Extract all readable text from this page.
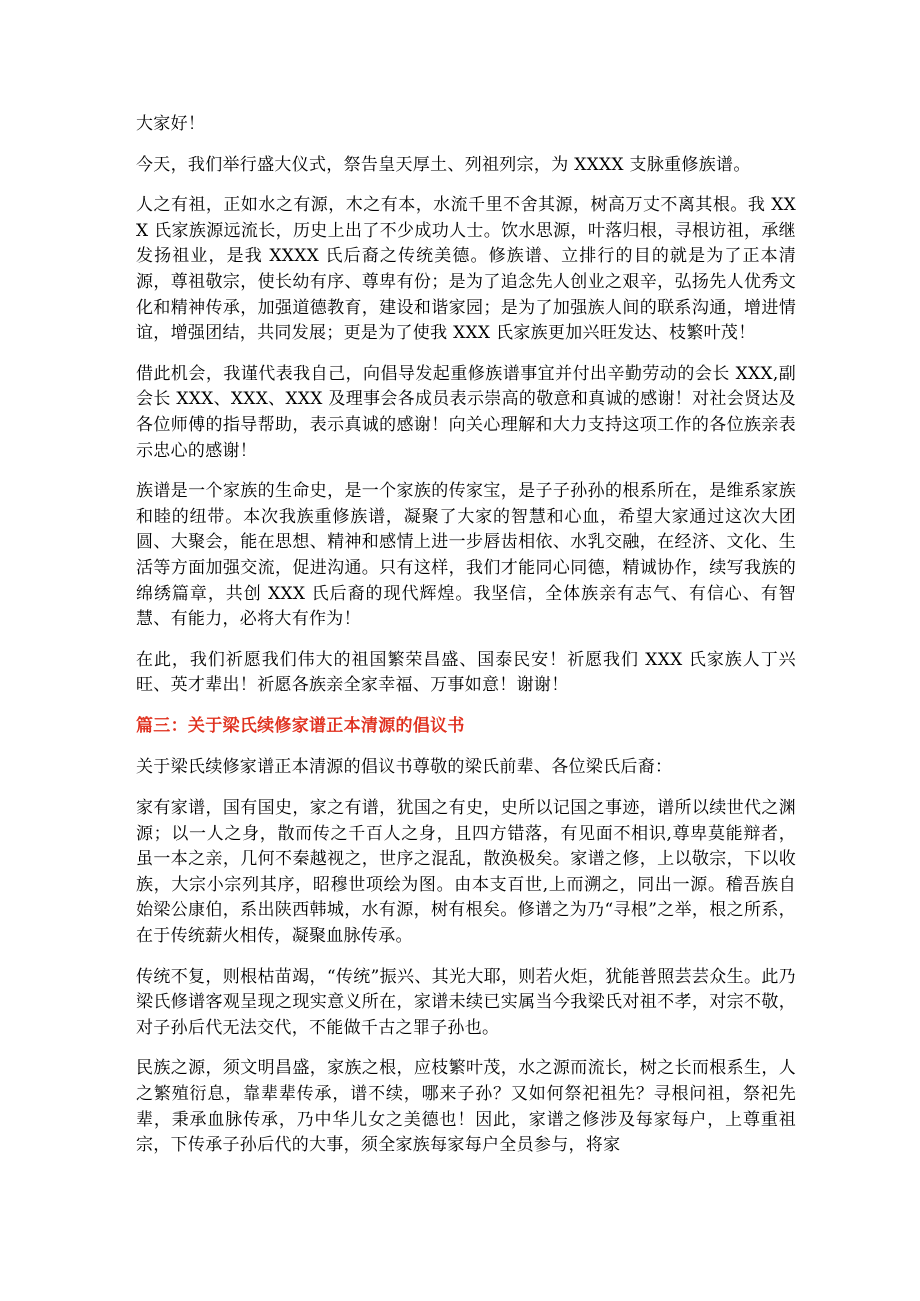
大家好！

今天，我们举行盛大仪式，祭告皇天厚土、列祖列宗，为 XXXX 支脉重修族谱。

人之有祖，正如水之有源，木之有本，水流千里不舍其源，树高万丈不离其根。我 XXX 氏家族源远流长，历史上出了不少成功人士。饮水思源，叶落归根，寻根访祖，承继发扬祖业，是我 XXXX 氏后裔之传统美德。修族谱、立排行的目的就是为了正本清源，尊祖敬宗，使长幼有序、尊卑有份；是为了追念先人创业之艰辛，弘扬先人优秀文化和精神传承，加强道德教育，建设和谐家园；是为了加强族人间的联系沟通，增进情谊，增强团结，共同发展；更是为了使我 XXX 氏家族更加兴旺发达、枝繁叶茂！

借此机会，我谨代表我自己，向倡导发起重修族谱事宜并付出辛勤劳动的会长 XXX,副会长 XXX、XXX、XXX 及理事会各成员表示崇高的敬意和真诚的感谢！对社会贤达及各位师傅的指导帮助，表示真诚的感谢！向关心理解和大力支持这项工作的各位族亲表示忠心的感谢！

族谱是一个家族的生命史，是一个家族的传家宝，是子子孙孙的根系所在，是维系家族和睦的纽带。本次我族重修族谱，凝聚了大家的智慧和心血，希望大家通过这次大团圆、大聚会，能在思想、精神和感情上进一步唇齿相依、水乳交融，在经济、文化、生活等方面加强交流，促进沟通。只有这样，我们才能同心同德，精诚协作，续写我族的绵绣篇章，共创 XXX 氏后裔的现代辉煌。我坚信，全体族亲有志气、有信心、有智慧、有能力，必将大有作为！

在此，我们祈愿我们伟大的祖国繁荣昌盛、国泰民安！祈愿我们 XXX 氏家族人丁兴旺、英才辈出！祈愿各族亲全家幸福、万事如意！谢谢！

篇三：关于梁氏续修家谱正本清源的倡议书

关于梁氏续修家谱正本清源的倡议书尊敬的梁氏前辈、各位梁氏后裔：

家有家谱，国有国史，家之有谱，犹国之有史，史所以记国之事迹，谱所以续世代之渊源；以一人之身，散而传之千百人之身，且四方错落，有见面不相识,尊卑莫能辩者，虽一本之亲，几何不秦越视之，世序之混乱，散涣极矣。家谱之修，上以敬宗，下以收族，大宗小宗列其序，昭穆世项绘为图。由本支百世,上而溯之，同出一源。稽吾族自始梁公康伯，系出陕西韩城，水有源，树有根矣。修谱之为乃“寻根”之举，根之所系，在于传统薪火相传，凝聚血脉传承。

传统不复，则根枯苗竭，“传统”振兴、其光大耶，则若火炬，犹能普照芸芸众生。此乃梁氏修谱客观呈现之现实意义所在，家谱未续已实属当今我梁氏对祖不孝，对宗不敬，对子孙后代无法交代，不能做千古之罪子孙也。

民族之源，须文明昌盛，家族之根，应枝繁叶茂，水之源而流长，树之长而根系生，人之繁殖衍息，靠辈辈传承，谱不续，哪来子孙？又如何祭祀祖先？寻根问祖，祭祀先辈，秉承血脉传承，乃中华儿女之美德也！因此，家谱之修涉及每家每户，上尊重祖宗，下传承子孙后代的大事，须全家族每家每户全员参与，将家
